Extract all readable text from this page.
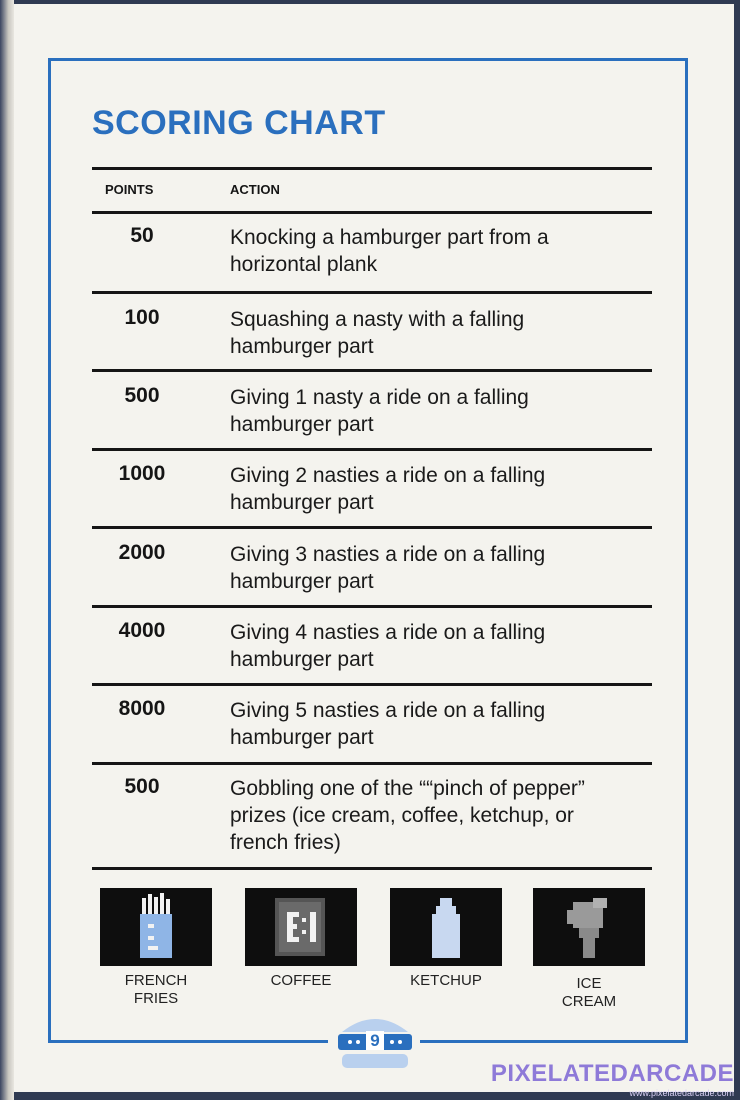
SCORING CHART
POINTS	ACTION
50	Knocking a hamburger part from a
horizontal plank
100	Squashing a nasty with a falling
hamburger part
500	Giving 1 nasty a ride on a falling
hamburger part
1000	Giving 2 nasties a ride on a falling
hamburger part
2000	Giving 3 nasties a ride on a falling
hamburger part
4000	Giving 4 nasties a ride on a falling
hamburger part
8000	Giving 5 nasties a ride on a falling
hamburger part
500	Gobbling one of the ““pinch of pepper”
prizes (ice cream, coffee, ketchup, or
french fries)
FRENCH
FRIES
COFFEE	KETCHUP	ICE
CREAM
9
PIXELATEDARCADE
www.pixelatedarcade.com
